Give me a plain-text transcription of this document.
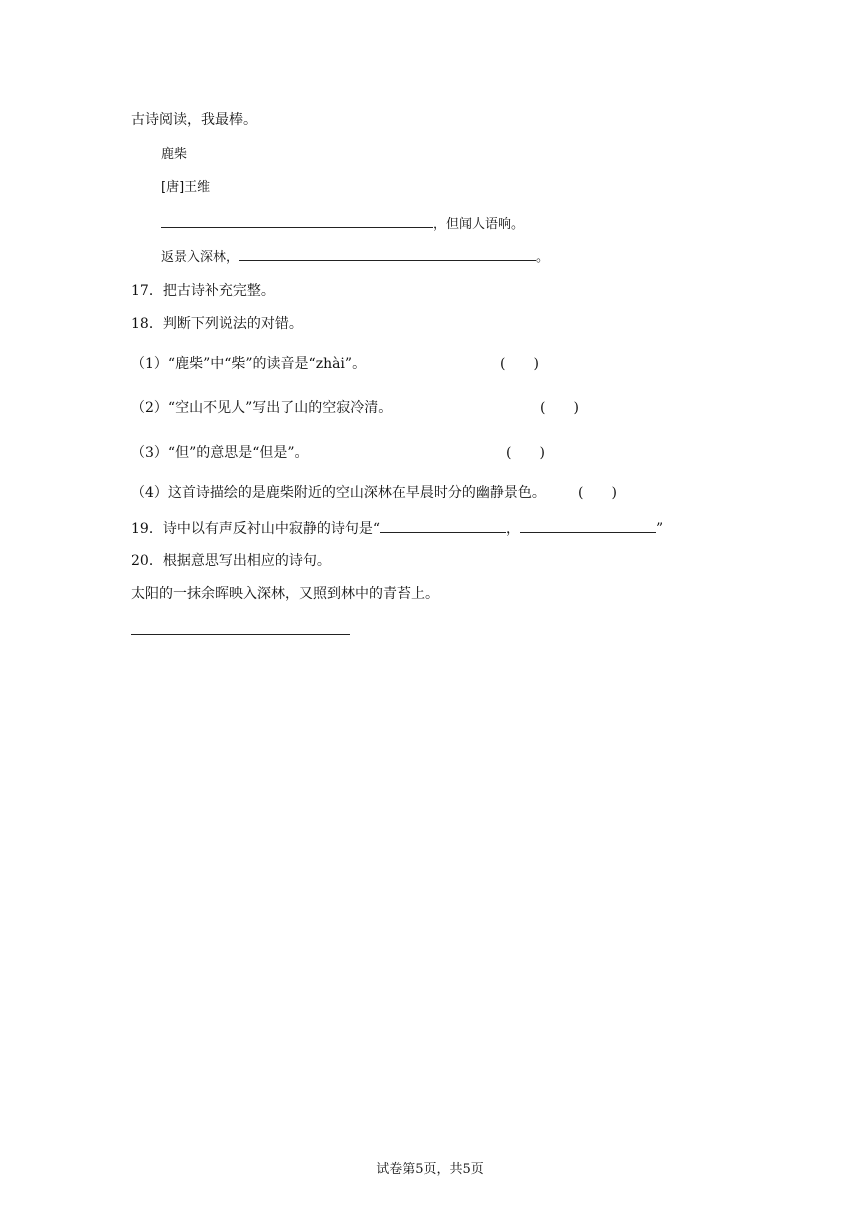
古诗阅读，我最棒。
鹿柴
[唐]王维
，但闻人语响。
返景入深林，	。
17．把古诗补充完整。
18．判断下列说法的对错。
（1）“鹿柴”中“柴”的读音是“zhài”。	(　　)
（2）“空山不见人”写出了山的空寂冷清。	(　　)
（3）“但”的意思是“但是”。	(　　)
（4）这首诗描绘的是鹿柴附近的空山深林在早晨时分的幽静景色。 (　　)
19．诗中以有声反衬山中寂静的诗句是“	，	”
20．根据意思写出相应的诗句。
太阳的一抹余晖映入深林，又照到林中的青苔上。
试卷第5页，共5页
